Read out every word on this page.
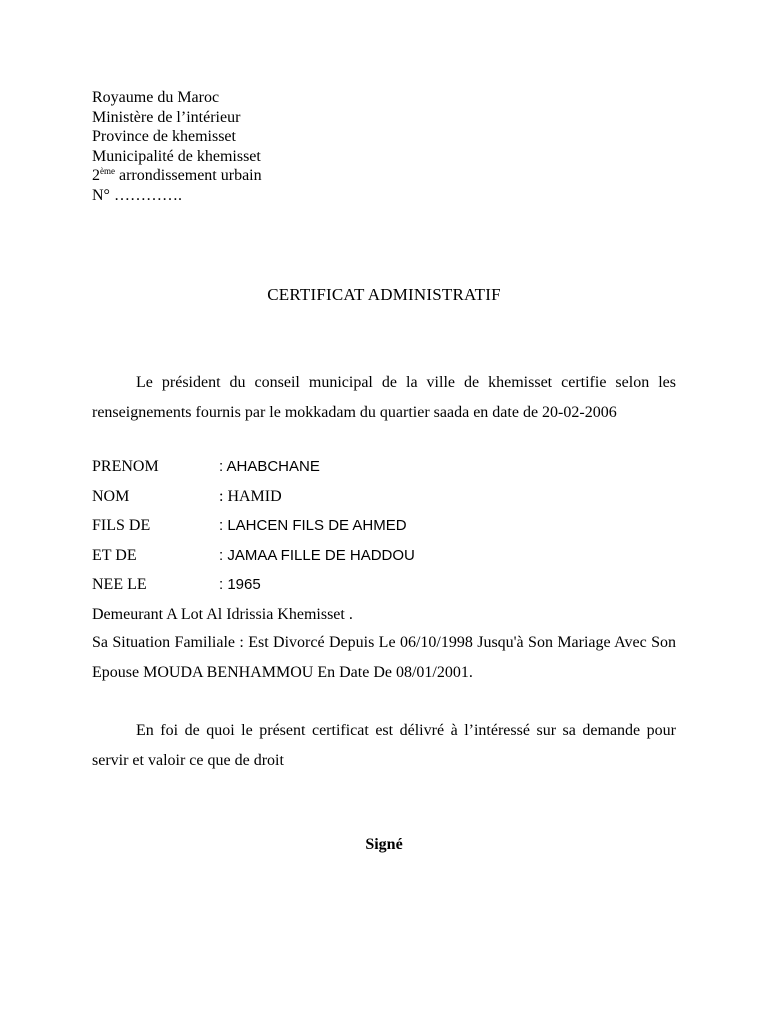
Royaume du Maroc
Ministère de l’intérieur
Province de khemisset
Municipalité de khemisset
2ème arrondissement urbain
N° ………….
CERTIFICAT ADMINISTRATIF
Le président du conseil municipal de la ville de khemisset certifie selon les renseignements fournis par le mokkadam du quartier saada en date de 20-02-2006
PRENOM	: AHABCHANE
NOM	: HAMID
FILS DE	: LAHCEN FILS DE AHMED
ET DE	: JAMAA FILLE DE HADDOU
NEE LE	: 1965
Demeurant A Lot Al Idrissia Khemisset .
Sa Situation Familiale : Est Divorcé Depuis Le 06/10/1998 Jusqu'à Son Mariage Avec Son Epouse MOUDA BENHAMMOU En Date De 08/01/2001.
En foi de quoi le présent certificat est délivré à l’intéressé sur sa demande pour servir et valoir ce que de droit
Signé
